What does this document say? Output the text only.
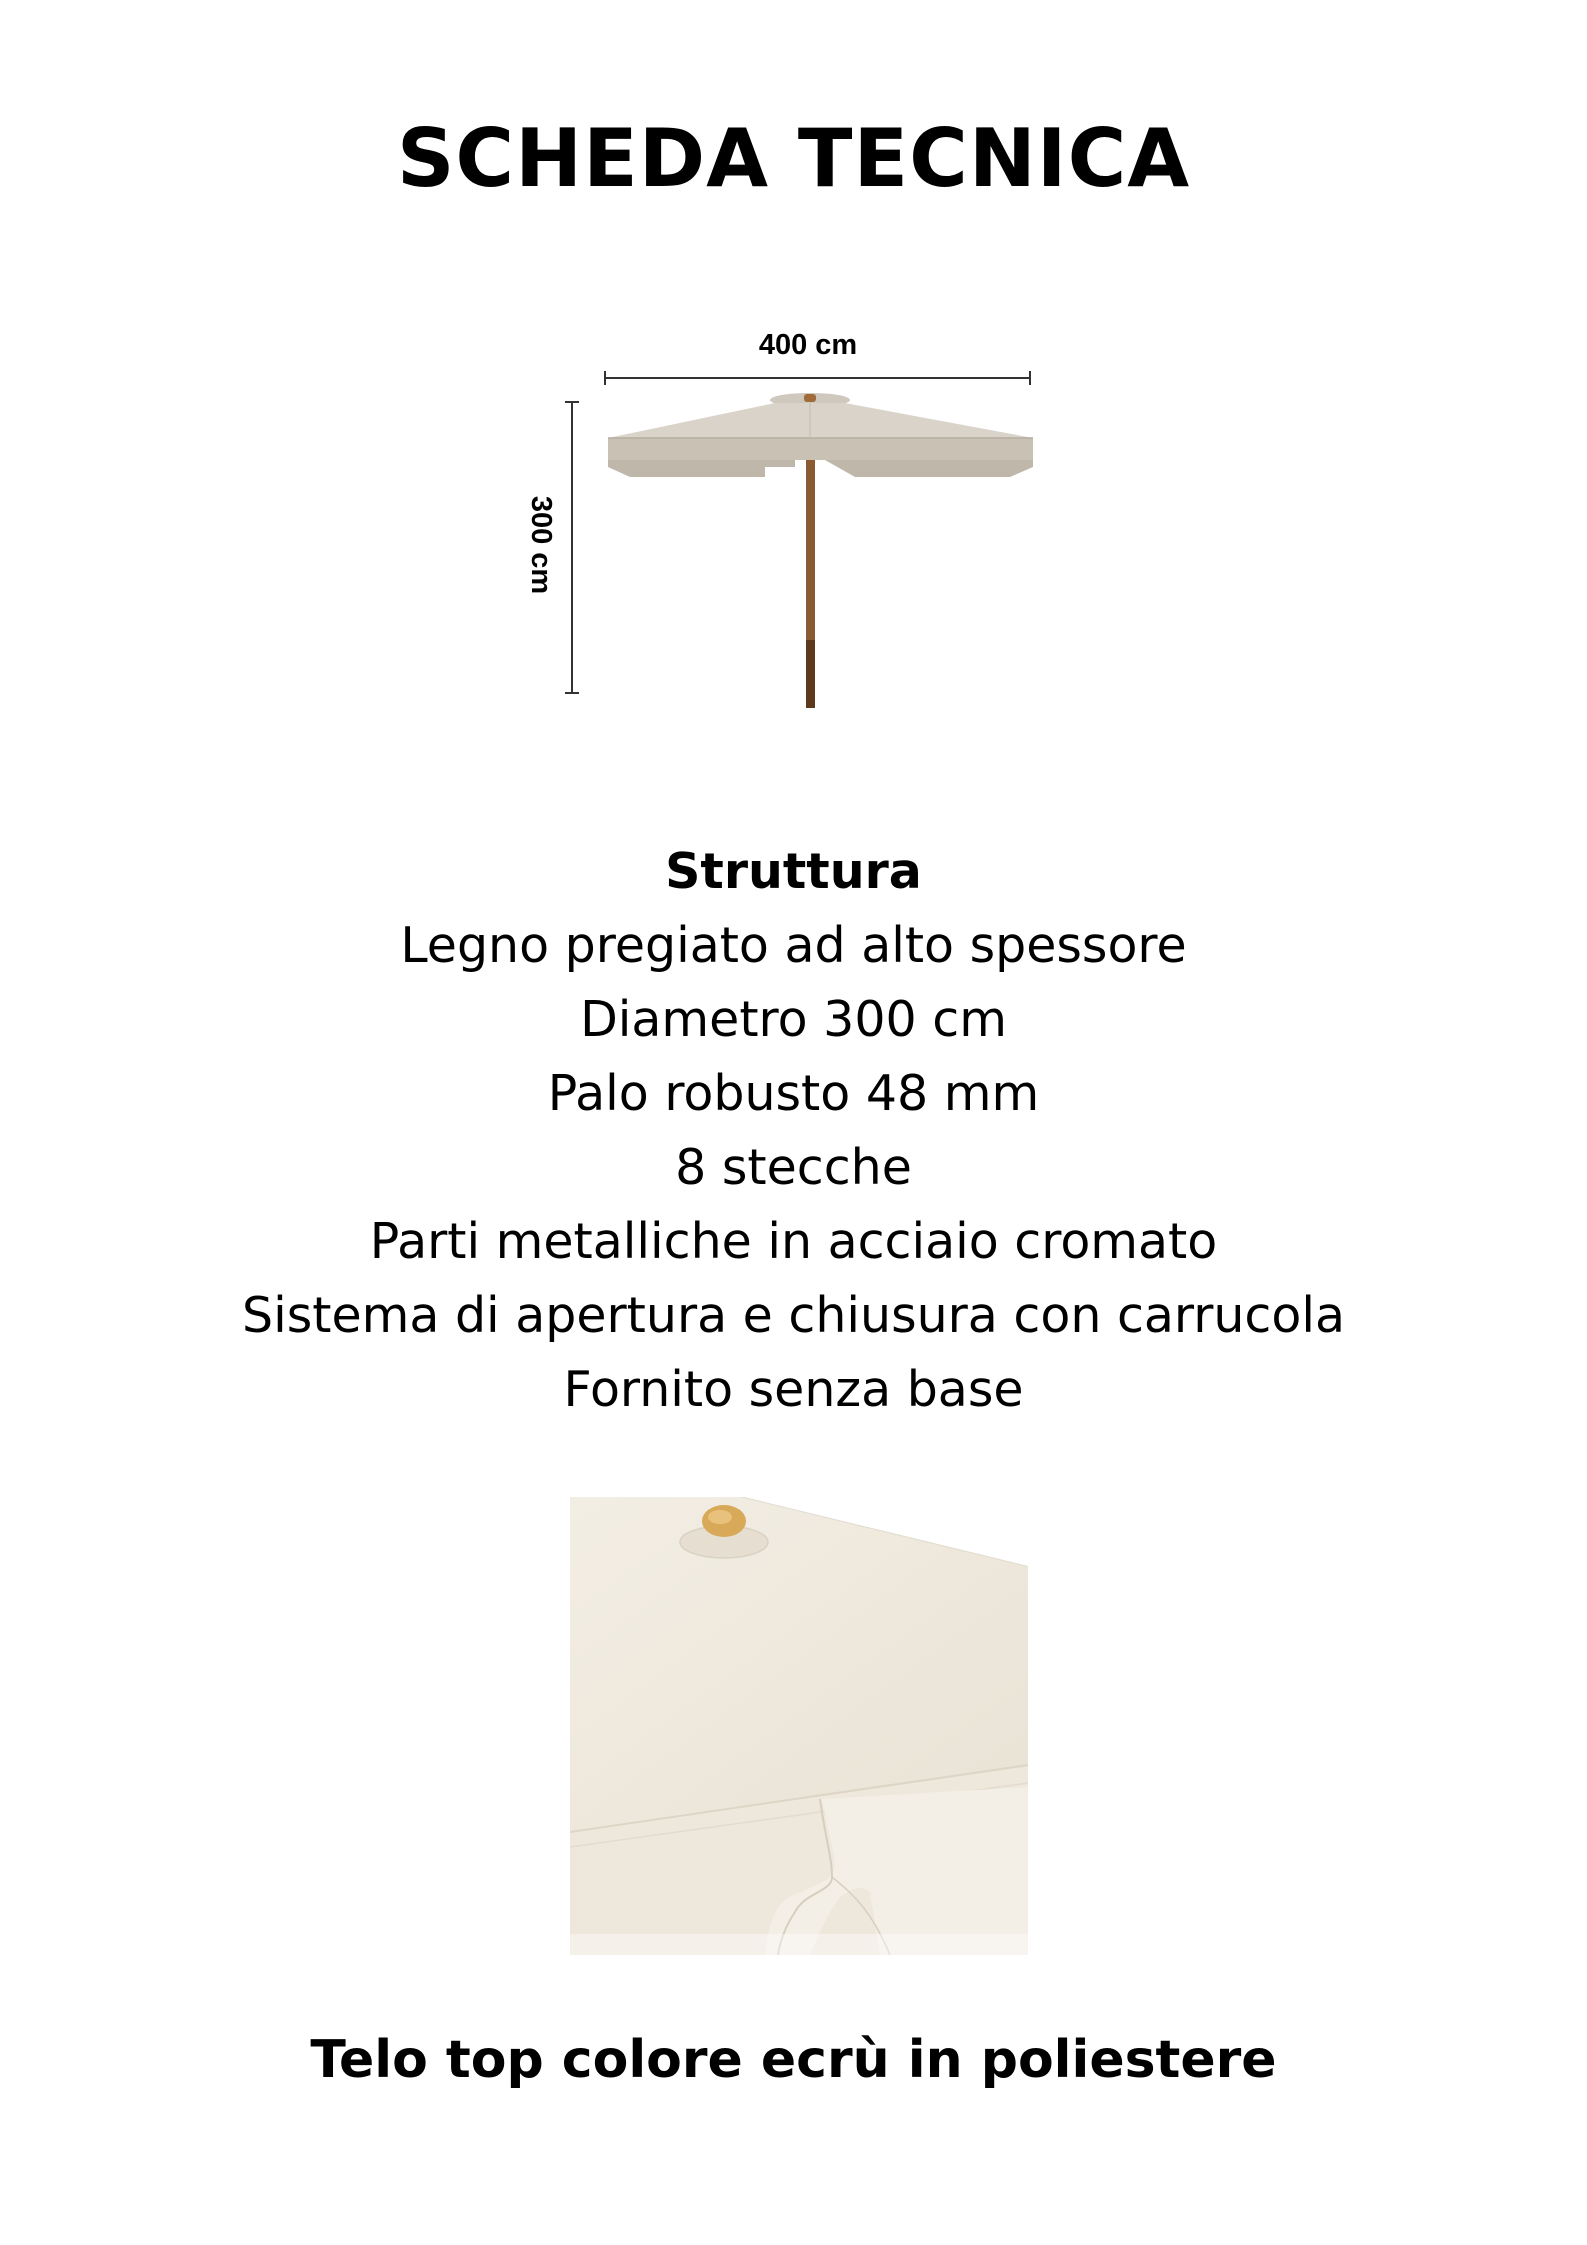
SCHEDA TECNICA
400 cm
300 cm
Struttura
Legno pregiato ad alto spessore
Diametro 300 cm
Palo robusto 48 mm
8 stecche
Parti metalliche in acciaio cromato
Sistema di apertura e chiusura con carrucola
Fornito senza base

Telo top colore ecrù in poliestere
